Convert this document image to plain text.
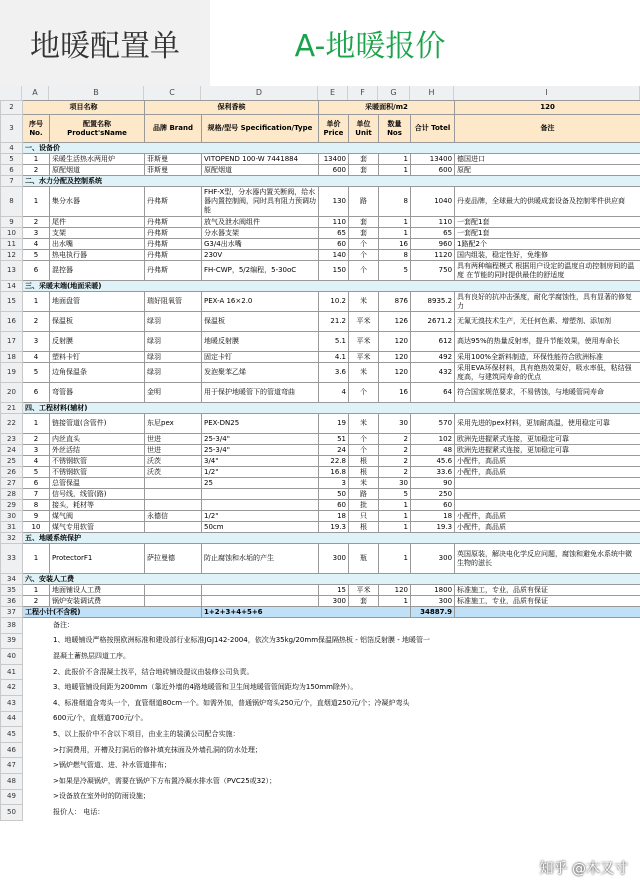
地暖配置单	A-地暖报价
A	B	C	D	E	F	G	H	I
2	项目名称		保利香槟		采暖面积/m2				120
3	序号 No.	配置名称 Product'sName	品牌 Brand	规格/型号 Specification/Type	单价 Price	单位 Unit	数量 Nos	合计 Totel	备注
4	一、设备价								
5	1	采暖生活热水两用炉	菲斯曼	VITOPEND 100-W 7441884	13400	套	1	13400	德国进口
6	2	原配烟道	菲斯曼	原配烟道	600	套	1	600	原配
7	二、水力分配及控制系统								
8	1	集分水器	丹弗斯	FHF-X型，分水器内置关断阀，给水器内置控制阀，同时具有阻力预调功能	130	路	8	1040	丹麦品牌，全球最大的供暖成套设备及控制零件供应商
9	2	尾件	丹弗斯	放气及泄水阀组件	110	套	1	110	一套配1套
10	3	支架	丹弗斯	分水器支架	65	套	1	65	一套配1套
11	4	出水嘴	丹弗斯	G3/4出水嘴	60	个	16	960	1路配2个
12	5	热电执行器	丹弗斯	230V	140	个	8	1120	国内组装，稳定性好，免维修
13	6	混控器	丹弗斯	FH-CWP，5/2编程，5-30oC	150	个	5	750	具有两种编程模式 根据用户设定的温度自动控制房间的温度 在节能的同时提供最佳的舒适度
14	三、采暖末端(地面采暖)								
15	1	地面盘管	瑞好阻氧管	PEX-A 16×2.0	10.2	米	876	8935.2	具有良好的抗冲击强度，耐化学腐蚀性，具有显著的修复力
16	2	保温板	绿羽	保温板	21.2	平米	126	2671.2	无氟无溴技术生产，无任何色素、增塑剂、添加剂
17	3	反射膜	绿羽	地暖反射膜	5.1	平米	120	612	高达95%的热量反射率，提升节能效果，使用寿命长
18	4	塑料卡钉	绿羽	固定卡钉	4.1	平米	120	492	采用100%全新料制造，环保性能符合欧洲标准
19	5	边角保温条	绿羽	发泡聚苯乙烯	3.6	米	120	432	采用EVA环保材料，具有绝热效果好，吸水率低，粘结强度高，与建筑同寿命的优点
20	6	弯管器	金明	用于保护地暖管下的管道弯曲	4	个	16	64	符合国家规范要求，不易锈蚀，与地暖管同寿命
21	四、工程材料(辅材)								
22	1	链接管道(含管件)	东尼pex	PEX-DN25	19	米	30	570	采用先进的pex材料，更加耐高温，使用稳定可靠
23	2	内丝直头	世进	25-3/4"	51	个	2	102	欧洲先进握紧式连接，更加稳定可靠
24	3	外丝活结	世进	25-3/4"	24	个	2	48	欧洲先进握紧式连接，更加稳定可靠
25	4	不锈钢软管	沃茨	3/4"	22.8	根	2	45.6	小配件，高品质
26	5	不锈钢软管	沃茨	1/2"	16.8	根	2	33.6	小配件，高品质
27	6	总管保温		25	3	米	30	90	
28	7	信号线，线管(路)			50	路	5	250	
29	8	接头，耗材等			60	批	1	60	
30	9	煤气阀	永德信	1/2"	18	只	1	18	小配件，高品质
31	10	煤气专用软管		50cm	19.3	根	1	19.3	小配件，高品质
32	五、地暖系统保护								
33	1	ProtectorF1	萨拉曼德	防止腐蚀和水垢的产生	300	瓶	1	300	英国原装，解决电化学反应问题，腐蚀和避免水系统中微生物的滋长
34	六、安装人工费								
35	1	地面铺设人工费			15	平米	120	1800	标准施工，专业，品质有保证
36	2	锅炉安装调试费			300	套	1	300	标准施工，专业，品质有保证
37	工程小计(不含税)			1+2+3+4+5+6				34887.9	
38	备注：								
39	1、地暖铺设严格按照欧洲标准和建设部行业标准JGJ142-2004，依次为35kg/20mm保温隔热板 - 铝箔反射膜 - 地暖管一								
40	混凝土蓄热层四道工序。								
41	2、此报价不含混凝土找平，结合地砖铺设提议由装修公司负责。								
42	3、地暖管铺设间距为200mm（靠近外墙的4路地暖管和卫生间地暖管管间距均为150mm除外）。								
43	4、标准烟道含弯头一个，直管烟道80cm一个。如需外加，普通锅炉弯头250元/个，直烟道250元/个；冷凝炉弯头								
44	600元/个，直烟道700元/个。								
45	5、以上报价中不含以下项目，由业主的装潢公司配合实施：								
46	>打洞费用，开槽及打洞后的修补填充抹面及外墙孔洞的防水处理；								
47	>锅炉燃气管道、进、补水管道排布；								
48	>如果是冷凝锅炉，需要在锅炉下方布置冷凝水排水管（PVC25或32）；								
49	>设备放在室外时的防雨设施；								
50	报价人： 电话：								
知乎 @木又寸
